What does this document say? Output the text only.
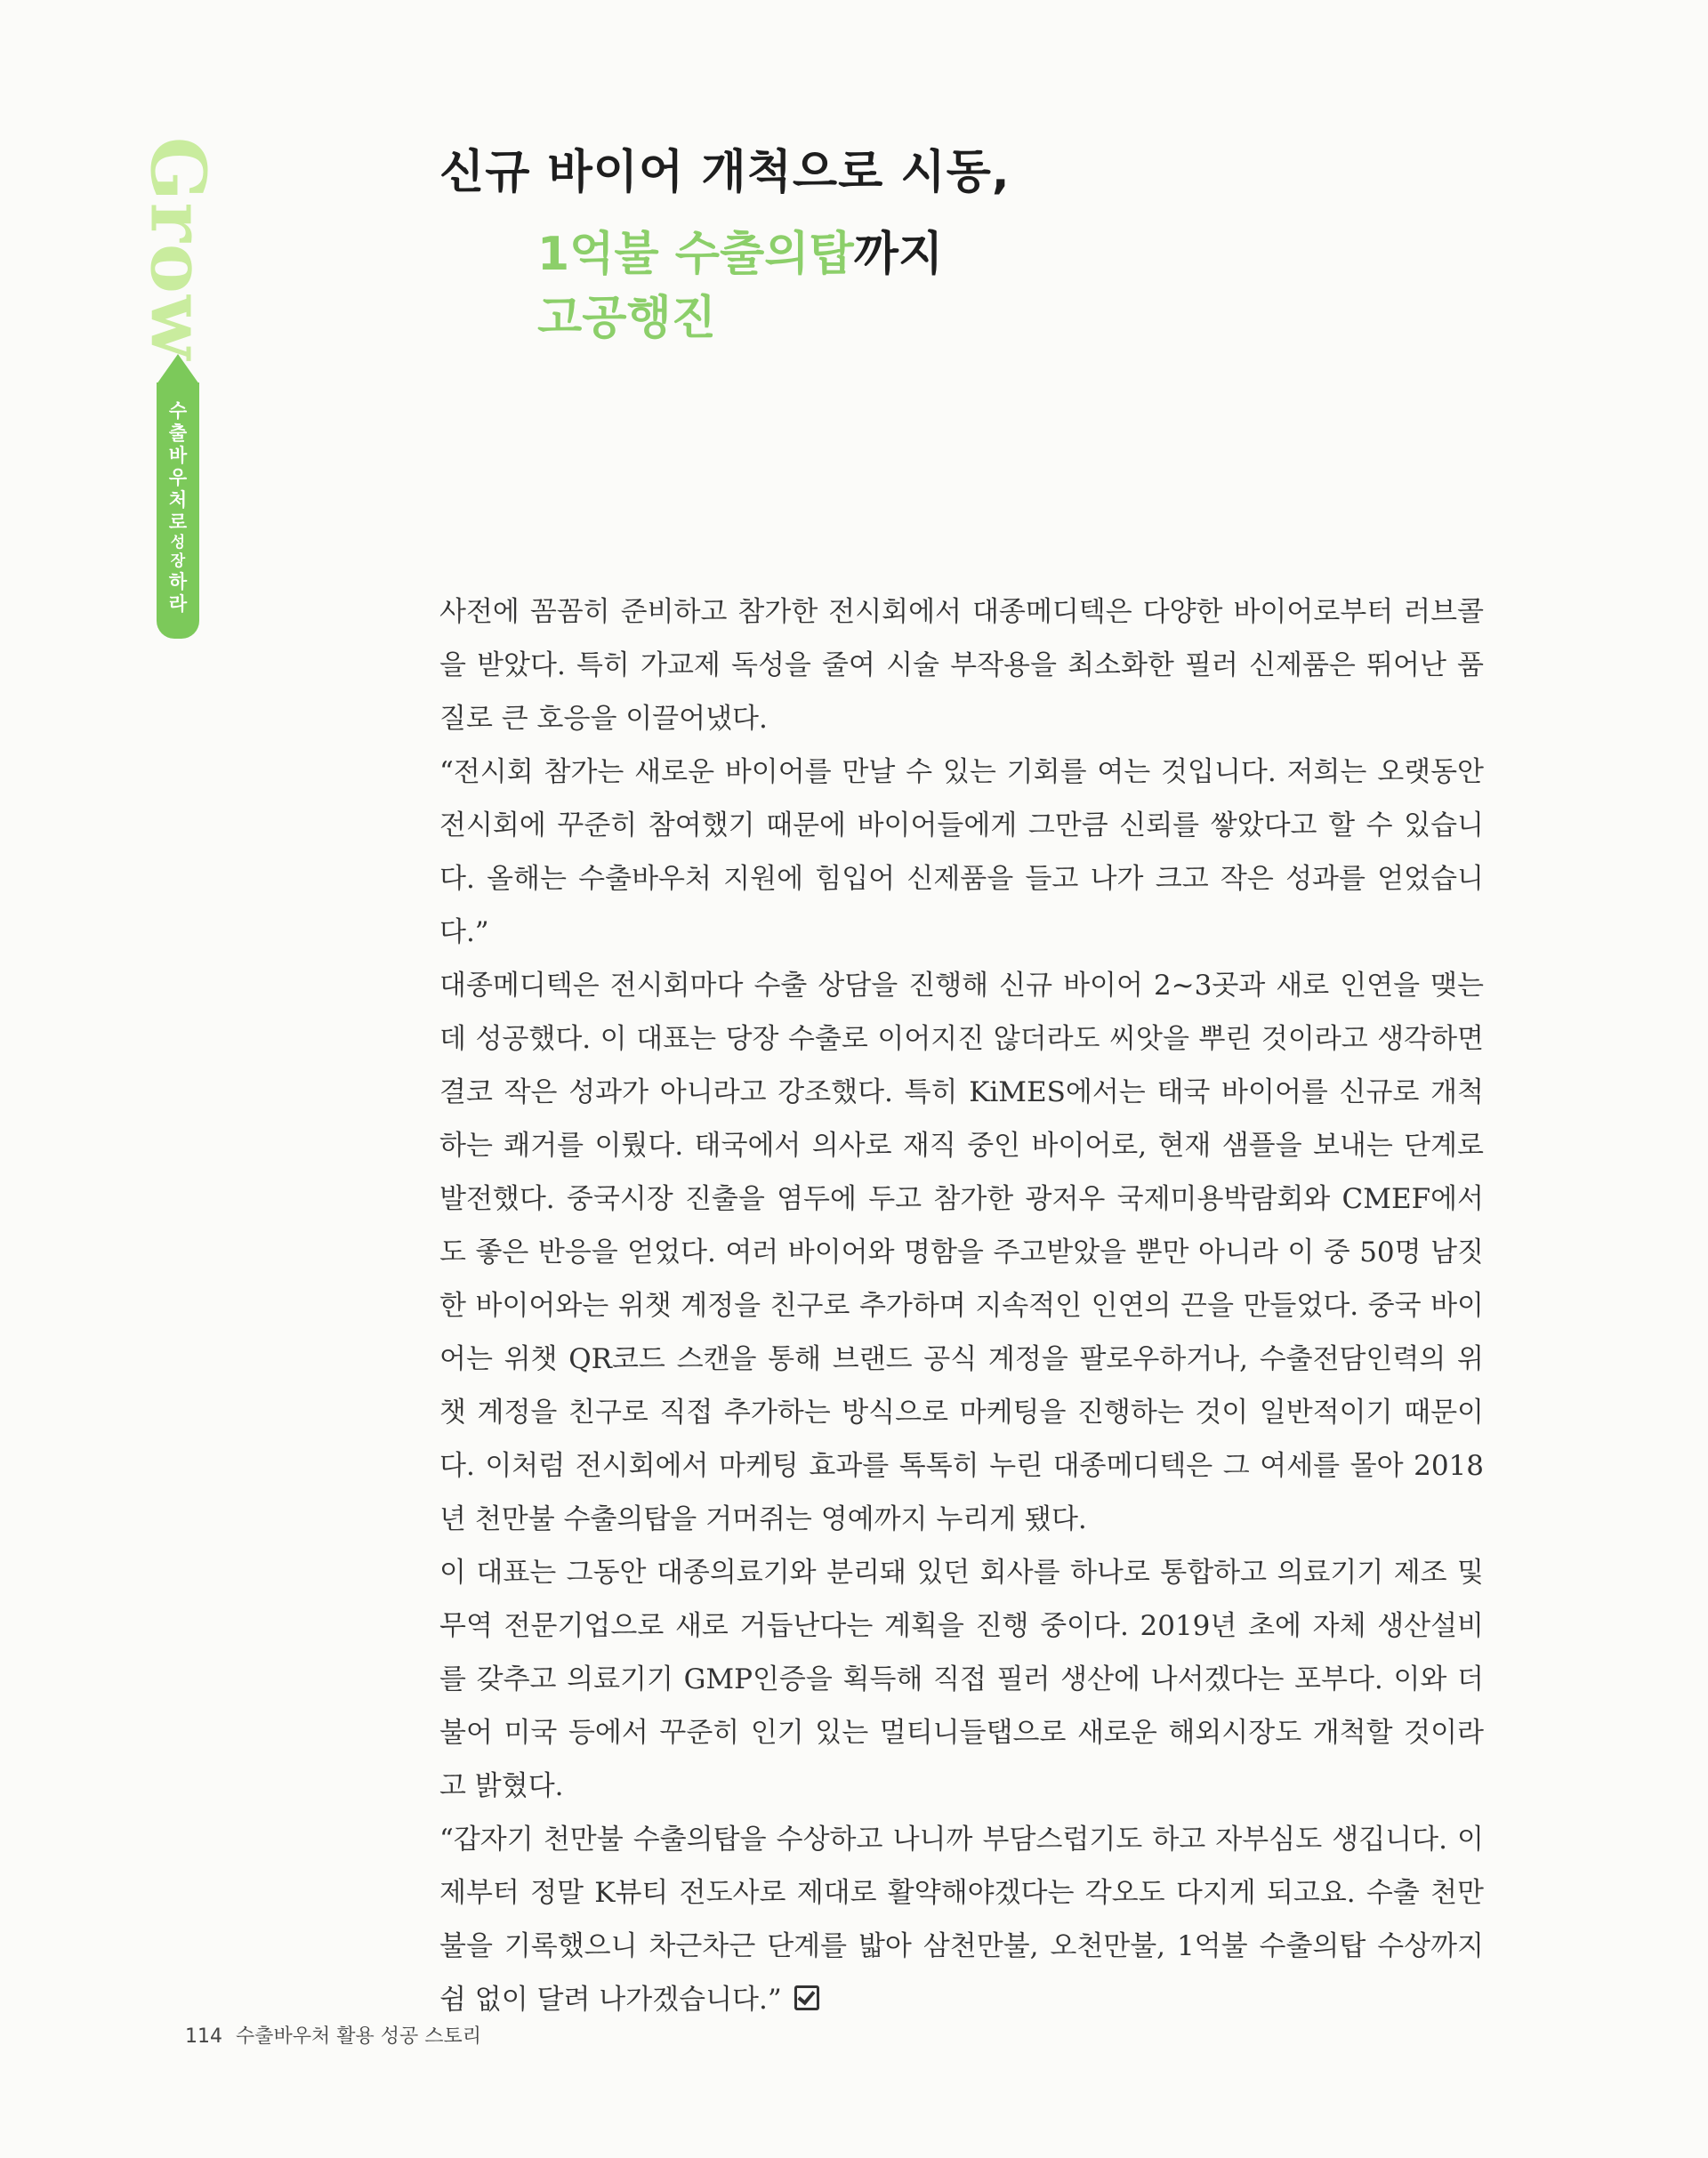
Grow
수
출
바
우
처
로
성
장
하
라
신규 바이어 개척으로 시동,
1억불 수출의탑까지
고공행진

사전에 꼼꼼히 준비하고 참가한 전시회에서 대종메디텍은 다양한 바이어로부터 러브콜을 받았다. 특히 가교제 독성을 줄여 시술 부작용을 최소화한 필러 신제품은 뛰어난 품질로 큰 호응을 이끌어냈다.

“전시회 참가는 새로운 바이어를 만날 수 있는 기회를 여는 것입니다. 저희는 오랫동안 전시회에 꾸준히 참여했기 때문에 바이어들에게 그만큼 신뢰를 쌓았다고 할 수 있습니다. 올해는 수출바우처 지원에 힘입어 신제품을 들고 나가 크고 작은 성과를 얻었습니다.”

대종메디텍은 전시회마다 수출 상담을 진행해 신규 바이어 2~3곳과 새로 인연을 맺는 데 성공했다. 이 대표는 당장 수출로 이어지진 않더라도 씨앗을 뿌린 것이라고 생각하면 결코 작은 성과가 아니라고 강조했다. 특히 KiMES에서는 태국 바이어를 신규로 개척하는 쾌거를 이뤘다. 태국에서 의사로 재직 중인 바이어로, 현재 샘플을 보내는 단계로 발전했다. 중국시장 진출을 염두에 두고 참가한 광저우 국제미용박람회와 CMEF에서도 좋은 반응을 얻었다. 여러 바이어와 명함을 주고받았을 뿐만 아니라 이 중 50명 남짓한 바이어와는 위챗 계정을 친구로 추가하며 지속적인 인연의 끈을 만들었다. 중국 바이어는 위챗 QR코드 스캔을 통해 브랜드 공식 계정을 팔로우하거나, 수출전담인력의 위챗 계정을 친구로 직접 추가하는 방식으로 마케팅을 진행하는 것이 일반적이기 때문이다. 이처럼 전시회에서 마케팅 효과를 톡톡히 누린 대종메디텍은 그 여세를 몰아 2018년 천만불 수출의탑을 거머쥐는 영예까지 누리게 됐다.

이 대표는 그동안 대종의료기와 분리돼 있던 회사를 하나로 통합하고 의료기기 제조 및 무역 전문기업으로 새로 거듭난다는 계획을 진행 중이다. 2019년 초에 자체 생산설비를 갖추고 의료기기 GMP인증을 획득해 직접 필러 생산에 나서겠다는 포부다. 이와 더불어 미국 등에서 꾸준히 인기 있는 멀티니들탭으로 새로운 해외시장도 개척할 것이라고 밝혔다.

“갑자기 천만불 수출의탑을 수상하고 나니까 부담스럽기도 하고 자부심도 생깁니다. 이제부터 정말 K뷰티 전도사로 제대로 활약해야겠다는 각오도 다지게 되고요. 수출 천만불을 기록했으니 차근차근 단계를 밟아 삼천만불, 오천만불, 1억불 수출의탑 수상까지 쉼 없이 달려 나가겠습니다.”

114 수출바우처 활용 성공 스토리
